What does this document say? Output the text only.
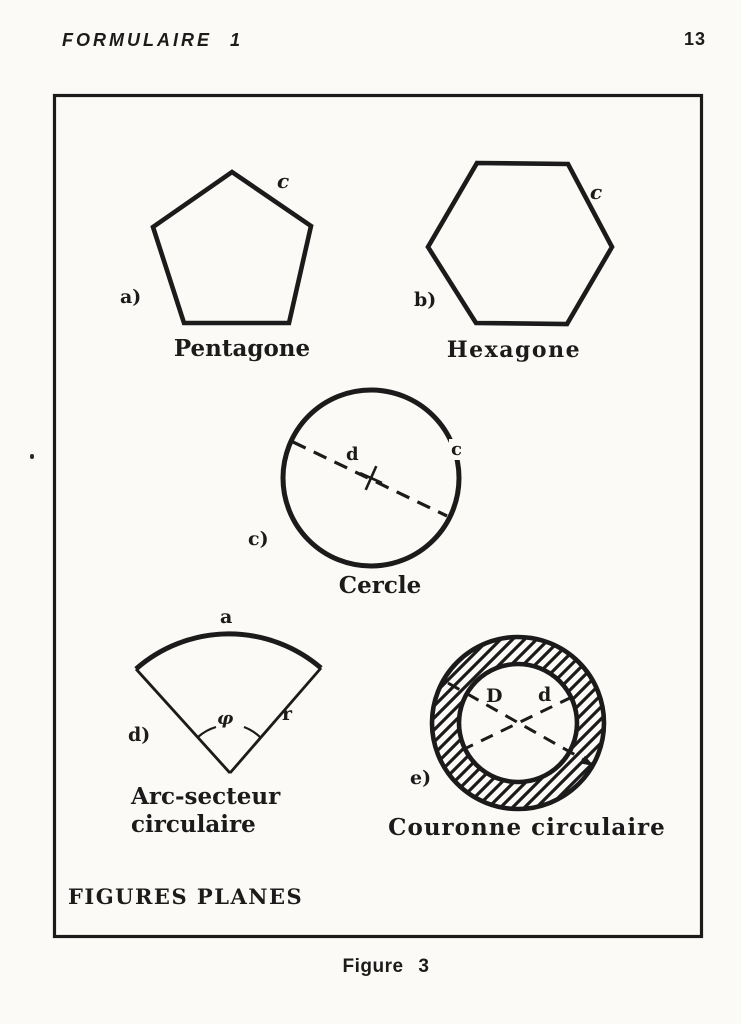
FORMULAIRE 1	13
a)
c
Pentagone
b)
c
Hexagone
c)
d	c
Cercle
d)
a
r
φ
Arc-secteur
circulaire
e)
D d
Couronne circulaire
FIGURES PLANES
Figure 3
